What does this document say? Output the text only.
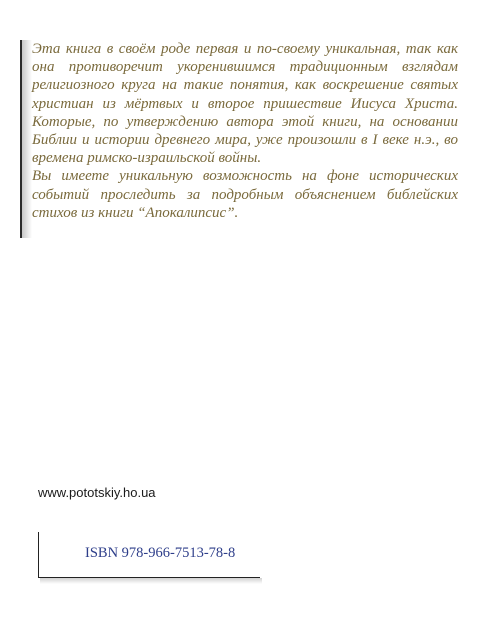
Эта книга в своём роде первая и по-своему уникальная, так как она противоречит укоренившимся традиционным взглядам религиозного круга на такие понятия, как воскрешение святых христиан из мёртвых и второе пришествие Иисуса Христа. Которые, по утверждению автора этой книги, на основании Библии и истории древнего мира, уже произошли в I веке н.э., во времена римско-израильской войны.

Вы имеете уникальную возможность на фоне исторических событий проследить за подробным объяснением библейских стихов из книги “Апокалипсис”.

www.pototskiy.ho.ua

ISBN 978-966-7513-78-8
